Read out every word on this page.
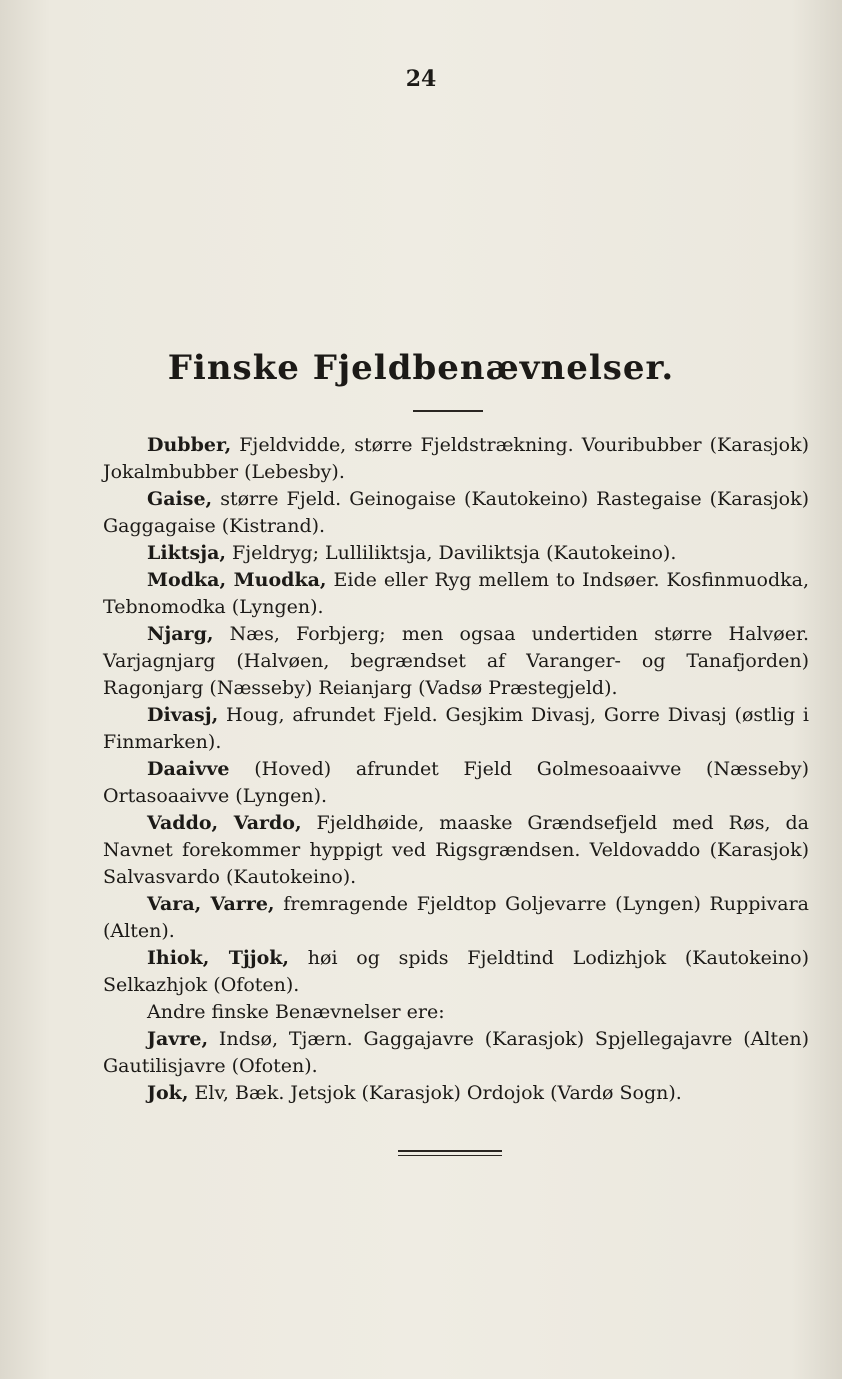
24
Finske Fjeldbenævnelser.

Dubber, Fjeldvidde, større Fjeldstrækning. Vouribubber (Karasjok) Jokalmbubber (Lebesby).

Gaise, større Fjeld. Geinogaise (Kautokeino) Rastegaise (Karasjok) Gaggagaise (Kistrand).

Liktsja, Fjeldryg; Lulliliktsja, Daviliktsja (Kautokeino).

Modka, Muodka, Eide eller Ryg mellem to Indsøer. Kosfinmuodka, Tebnomodka (Lyngen).

Njarg, Næs, Forbjerg; men ogsaa undertiden større Halvøer. Varjagnjarg (Halvøen, begrændset af Varanger- og Tanafjorden) Ragonjarg (Næsseby) Reianjarg (Vadsø Præstegjeld).

Divasj, Houg, afrundet Fjeld. Gesjkim Divasj, Gorre Divasj (østlig i Finmarken).

Daaivve (Hoved) afrundet Fjeld Golmesoaaivve (Næsseby) Ortasoaaivve (Lyngen).

Vaddo, Vardo, Fjeldhøide, maaske Grændsefjeld med Røs, da Navnet forekommer hyppigt ved Rigsgrændsen. Veldovaddo (Karasjok) Salvasvardo (Kautokeino).

Vara, Varre, fremragende Fjeldtop Goljevarre (Lyngen) Ruppivara (Alten).

Ihiok, Tjjok, høi og spids Fjeldtind Lodizhjok (Kautokeino) Selkazhjok (Ofoten).

Andre finske Benævnelser ere:

Javre, Indsø, Tjærn. Gaggajavre (Karasjok) Spjellegajavre (Alten) Gautilisjavre (Ofoten).

Jok, Elv, Bæk. Jetsjok (Karasjok) Ordojok (Vardø Sogn).
